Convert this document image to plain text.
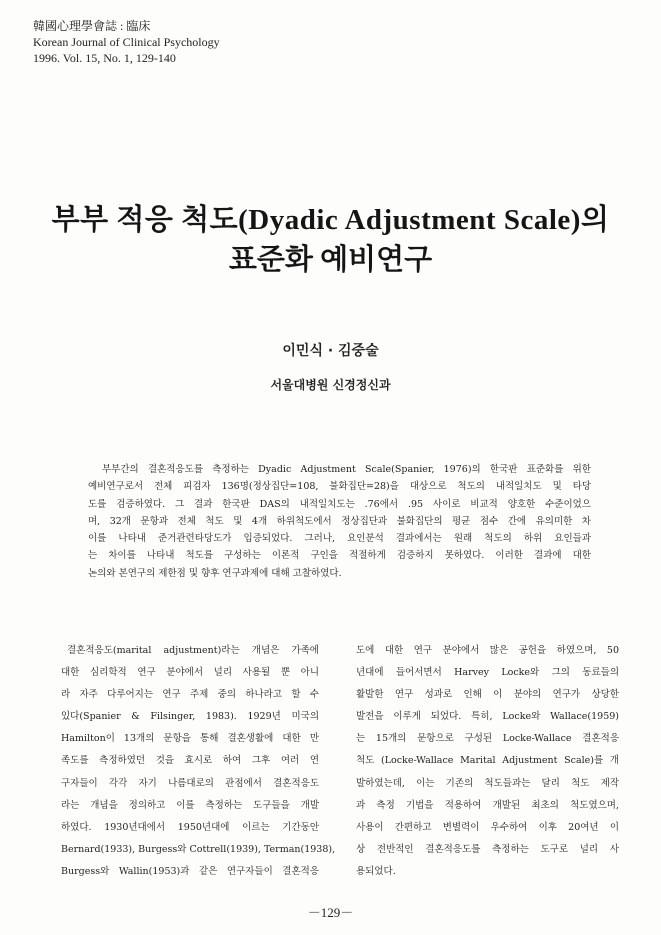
韓國心理學會誌 : 臨床
Korean Journal of Clinical Psychology
1996. Vol. 15, No. 1, 129-140
부부 적응 척도(Dyadic Adjustment Scale)의
표준화 예비연구
이민식 · 김중술
서울대병원 신경정신과
부부간의 결혼적응도를 측정하는 Dyadic Adjustment Scale(Spanier, 1976)의 한국판 표준화를 위한
예비연구로서 전체 피검자 136명(정상집단=108, 불화집단=28)을 대상으로 척도의 내적일치도 및 타당
도를 검증하였다. 그 결과 한국판 DAS의 내적일치도는 .76에서 .95 사이로 비교적 양호한 수준이었으
며, 32개 문항과 전체 척도 및 4개 하위척도에서 정상집단과 불화집단의 평균 점수 간에 유의미한 차
이를 나타내 준거관련타당도가 입증되었다. 그러나, 요인분석 결과에서는 원래 척도의 하위 요인들과
는 차이를 나타내 척도를 구성하는 이론적 구인을 적절하게 검증하지 못하였다. 이러한 결과에 대한
논의와 본연구의 제한점 및 향후 연구과제에 대해 고찰하였다.
결혼적응도(marital adjustment)라는 개념은 가족에
대한 심리학적 연구 분야에서 널리 사용될 뿐 아니
라 자주 다루어지는 연구 주제 중의 하나라고 할 수
있다(Spanier & Filsinger, 1983). 1929년 미국의
Hamilton이 13개의 문항을 통해 결혼생활에 대한 만
족도를 측정하였던 것을 효시로 하여 그후 여러 연
구자들이 각각 자기 나름대로의 관점에서 결혼적응도
라는 개념을 정의하고 이를 측정하는 도구들을 개발
하였다. 1930년대에서 1950년대에 이르는 기간동안
Bernard(1933), Burgess와 Cottrell(1939), Terman(1938),
Burgess와 Wallin(1953)과 같은 연구자들이 결혼적응
도에 대한 연구 분야에서 많은 공헌을 하였으며, 50
년대에 들어서면서 Harvey Locke와 그의 동료들의
활발한 연구 성과로 인해 이 분야의 연구가 상당한
발전을 이루게 되었다. 특히, Locke와 Wallace(1959)
는 15개의 문항으로 구성된 Locke-Wallace 결혼적응
척도 (Locke-Wallace Marital Adjustment Scale)를 개
발하였는데, 이는 기존의 척도들과는 달리 척도 제작
과 측정 기법을 적용하여 개발된 최초의 척도였으며,
사용이 간편하고 변별력이 우수하여 이후 20여년 이
상 전반적인 결혼적응도를 측정하는 도구로 널리 사
용되었다.
－129－
